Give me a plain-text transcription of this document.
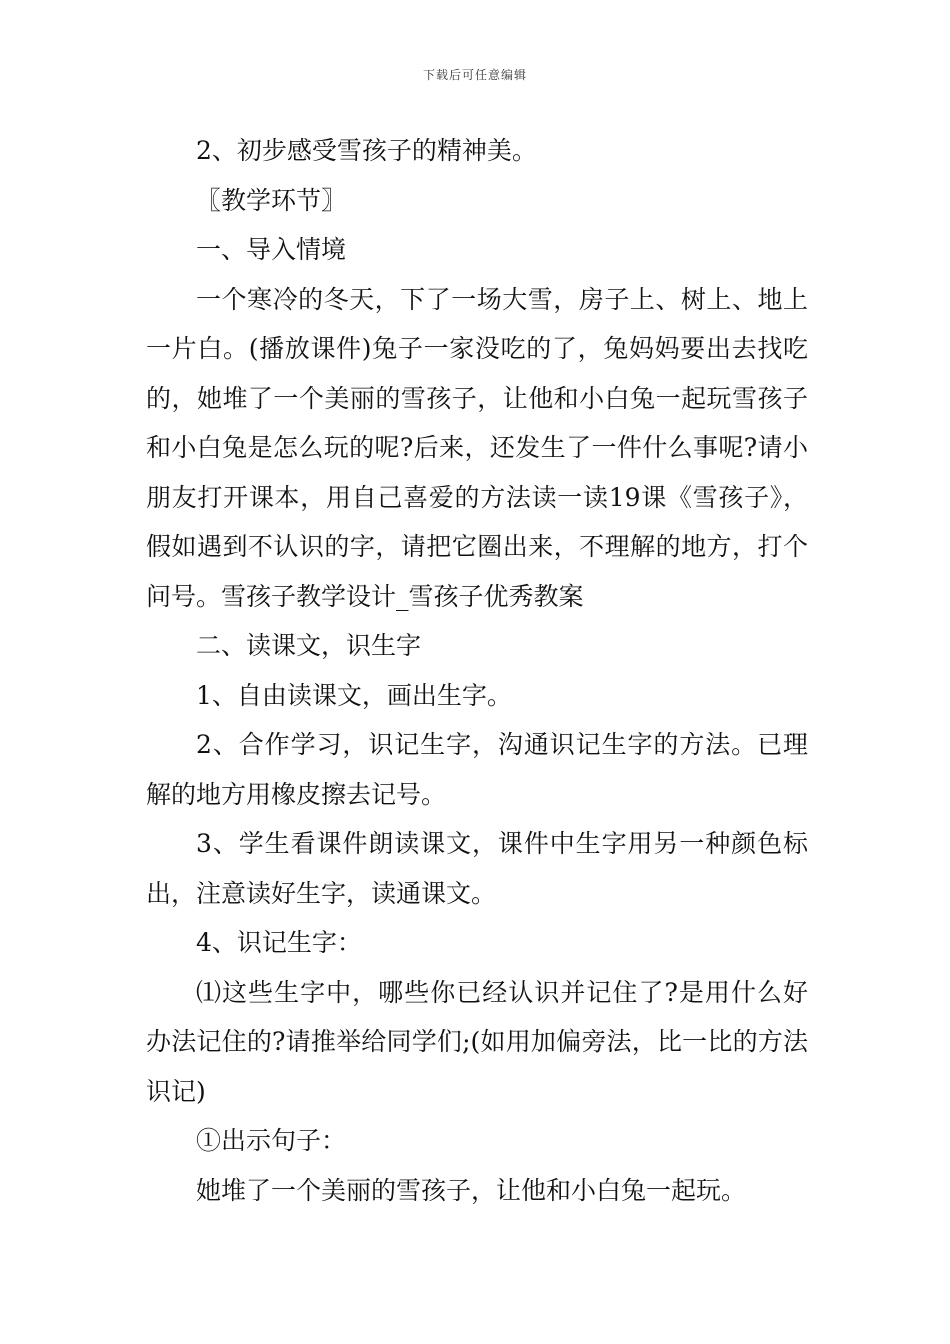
下载后可任意编辑

2、初步感受雪孩子的精神美。

〖教学环节〗

一、导入情境

一个寒冷的冬天，下了一场大雪，房子上、树上、地上一片白。(播放课件)兔子一家没吃的了，兔妈妈要出去找吃的，她堆了一个美丽的雪孩子，让他和小白兔一起玩雪孩子和小白兔是怎么玩的呢?后来，还发生了一件什么事呢?请小朋友打开课本，用自己喜爱的方法读一读19课《雪孩子》，假如遇到不认识的字，请把它圈出来，不理解的地方，打个问号。雪孩子教学设计_雪孩子优秀教案

二、读课文，识生字

1、自由读课文，画出生字。

2、合作学习，识记生字，沟通识记生字的方法。已理解的地方用橡皮擦去记号。

3、学生看课件朗读课文，课件中生字用另一种颜色标出，注意读好生字，读通课文。

4、识记生字：

⑴这些生字中，哪些你已经认识并记住了?是用什么好办法记住的?请推举给同学们;(如用加偏旁法，比一比的方法识记)

①出示句子：

她堆了一个美丽的雪孩子，让他和小白兔一起玩。
